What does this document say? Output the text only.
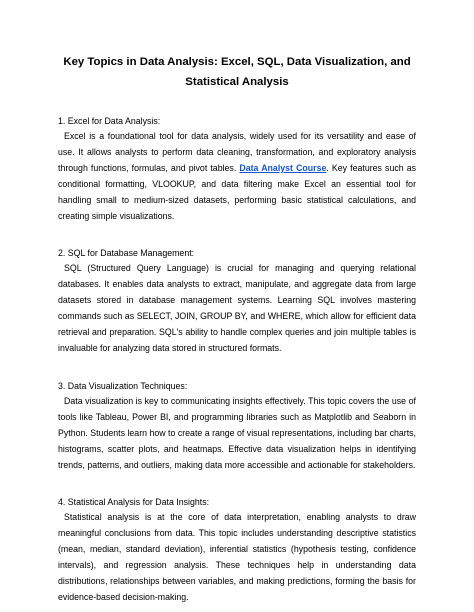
Key Topics in Data Analysis: Excel, SQL, Data Visualization, and
Statistical Analysis
1. Excel for Data Analysis:

Excel is a foundational tool for data analysis, widely used for its versatility and ease of use. It allows analysts to perform data cleaning, transformation, and exploratory analysis through functions, formulas, and pivot tables. Data Analyst Course. Key features such as conditional formatting, VLOOKUP, and data filtering make Excel an essential tool for handling small to medium-sized datasets, performing basic statistical calculations, and creating simple visualizations.

2. SQL for Database Management:

SQL (Structured Query Language) is crucial for managing and querying relational databases. It enables data analysts to extract, manipulate, and aggregate data from large datasets stored in database management systems. Learning SQL involves mastering commands such as SELECT, JOIN, GROUP BY, and WHERE, which allow for efficient data retrieval and preparation. SQL's ability to handle complex queries and join multiple tables is invaluable for analyzing data stored in structured formats.

3. Data Visualization Techniques:

Data visualization is key to communicating insights effectively. This topic covers the use of tools like Tableau, Power BI, and programming libraries such as Matplotlib and Seaborn in Python. Students learn how to create a range of visual representations, including bar charts, histograms, scatter plots, and heatmaps. Effective data visualization helps in identifying trends, patterns, and outliers, making data more accessible and actionable for stakeholders.

4. Statistical Analysis for Data Insights:

Statistical analysis is at the core of data interpretation, enabling analysts to draw meaningful conclusions from data. This topic includes understanding descriptive statistics (mean, median, standard deviation), inferential statistics (hypothesis testing, confidence intervals), and regression analysis. These techniques help in understanding data distributions, relationships between variables, and making predictions, forming the basis for evidence-based decision-making.
